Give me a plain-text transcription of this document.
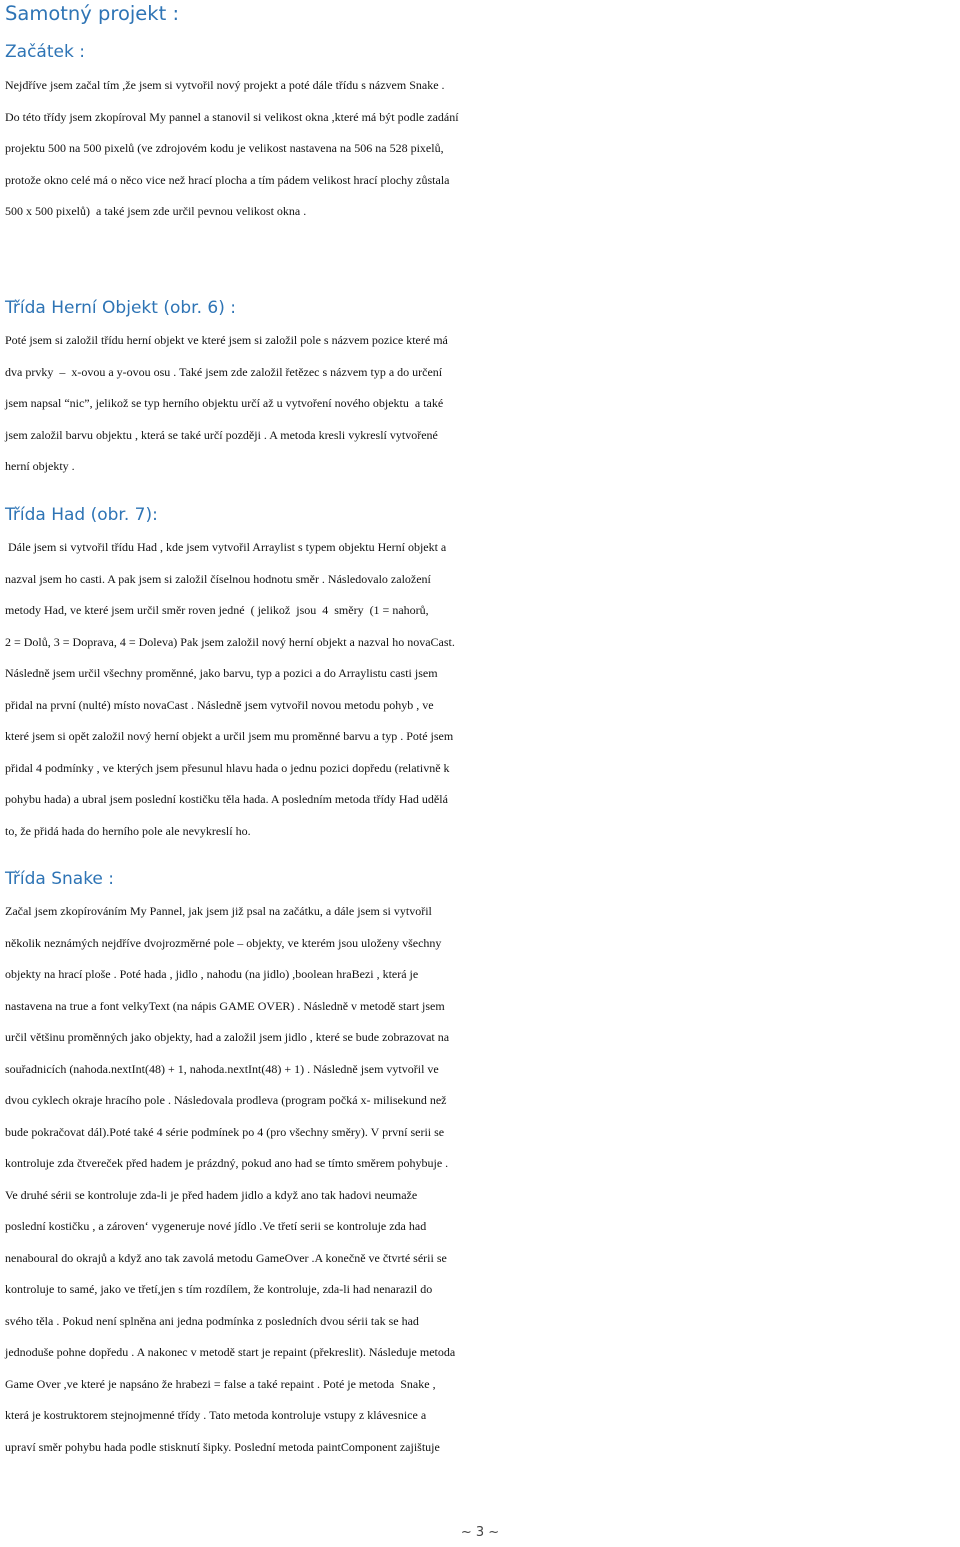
Samotný projekt :
Začátek :
Nejdříve jsem začal tím ,že jsem si vytvořil nový projekt a poté dále třídu s názvem Snake .
Do této třídy jsem zkopíroval My pannel a stanovil si velikost okna ,které má být podle zadání
projektu 500 na 500 pixelů (ve zdrojovém kodu je velikost nastavena na 506 na 528 pixelů,
protože okno celé má o něco vice než hrací plocha a tím pádem velikost hrací plochy zůstala
500 x 500 pixelů)  a také jsem zde určil pevnou velikost okna .
Třída Herní Objekt (obr. 6) :
Poté jsem si založil třídu herní objekt ve které jsem si založil pole s názvem pozice které má
dva prvky  –  x-ovou a y-ovou osu . Také jsem zde založil řetězec s názvem typ a do určení
jsem napsal “nic”, jelikož se typ herního objektu určí až u vytvoření nového objektu  a také
jsem založil barvu objektu , která se také určí později . A metoda kresli vykreslí vytvořené
herní objekty .
Třída Had (obr. 7):
Dále jsem si vytvořil třídu Had , kde jsem vytvořil Arraylist s typem objektu Herní objekt a
nazval jsem ho casti. A pak jsem si založil číselnou hodnotu směr . Následovalo založení
metody Had, ve které jsem určil směr roven jedné  ( jelikož  jsou  4  směry  (1 = nahorů,
2 = Dolů, 3 = Doprava, 4 = Doleva) Pak jsem založil nový herní objekt a nazval ho novaCast.
Následně jsem určil všechny proměnné, jako barvu, typ a pozici a do Arraylistu casti jsem
přidal na první (nulté) místo novaCast . Následně jsem vytvořil novou metodu pohyb , ve
které jsem si opět založil nový herní objekt a určil jsem mu proměnné barvu a typ . Poté jsem
přidal 4 podmínky , ve kterých jsem přesunul hlavu hada o jednu pozici dopředu (relativně k
pohybu hada) a ubral jsem poslední kostičku těla hada. A posledním metoda třídy Had udělá
to, že přidá hada do herního pole ale nevykreslí ho.
Třída Snake :
Začal jsem zkopírováním My Pannel, jak jsem již psal na začátku, a dále jsem si vytvořil
několik neznámých nejdříve dvojrozměrné pole – objekty, ve kterém jsou uloženy všechny
objekty na hrací ploše . Poté hada , jidlo , nahodu (na jidlo) ,boolean hraBezi , která je
nastavena na true a font velkyText (na nápis GAME OVER) . Následně v metodě start jsem
určil většinu proměnných jako objekty, had a založil jsem jidlo , které se bude zobrazovat na
souřadnicích (nahoda.nextInt(48) + 1, nahoda.nextInt(48) + 1) . Následně jsem vytvořil ve
dvou cyklech okraje hracího pole . Následovala prodleva (program počká x- milisekund než
bude pokračovat dál).Poté také 4 série podmínek po 4 (pro všechny směry). V první serii se
kontroluje zda čtvereček před hadem je prázdný, pokud ano had se tímto směrem pohybuje .
Ve druhé sérii se kontroluje zda-li je před hadem jidlo a když ano tak hadovi neumaže
poslední kostičku , a zároven‘ vygeneruje nové jídlo .Ve třetí serii se kontroluje zda had
nenaboural do okrajů a když ano tak zavolá metodu GameOver .A konečně ve čtvrté sérii se
kontroluje to samé, jako ve třetí,jen s tím rozdílem, že kontroluje, zda-li had nenarazil do
svého těla . Pokud není splněna ani jedna podmínka z posledních dvou sérii tak se had
jednoduše pohne dopředu . A nakonec v metodě start je repaint (překreslit). Následuje metoda
Game Over ,ve které je napsáno že hrabezi = false a také repaint . Poté je metoda  Snake ,
která je kostruktorem stejnojmenné třídy . Tato metoda kontroluje vstupy z klávesnice a
upraví směr pohybu hada podle stisknutí šipky. Poslední metoda paintComponent zajištuje
~ 3 ~
